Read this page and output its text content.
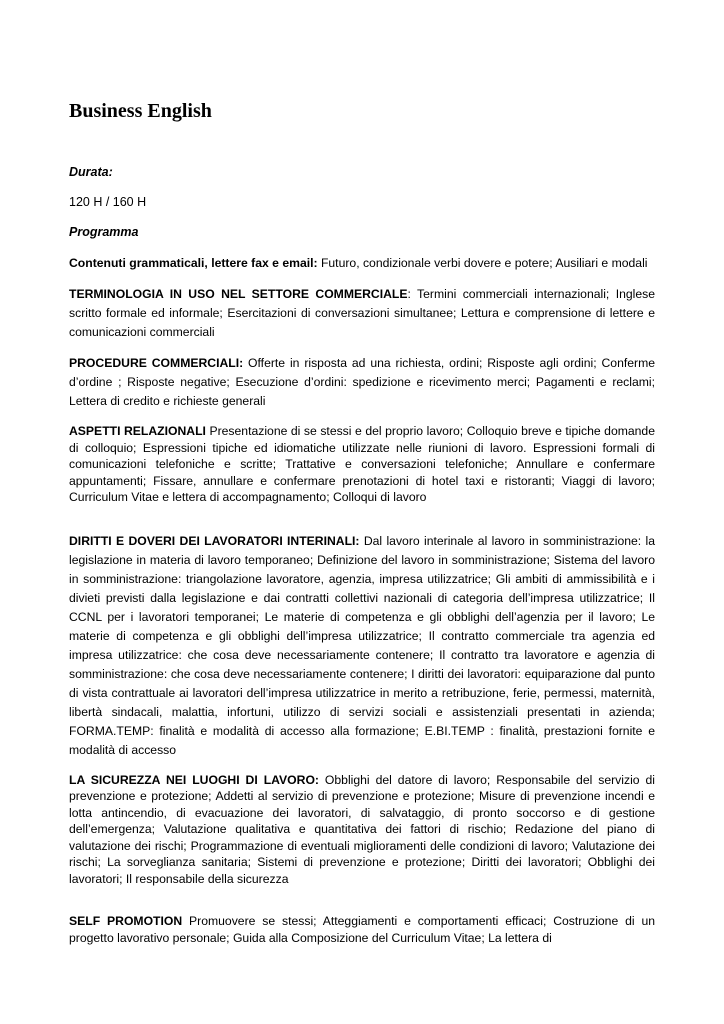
Business English

Durata:

120 H / 160 H

Programma

Contenuti grammaticali, lettere fax e email: Futuro, condizionale verbi dovere e potere; Ausiliari e modali

TERMINOLOGIA IN USO NEL SETTORE COMMERCIALE: Termini commerciali internazionali; Inglese scritto formale ed informale; Esercitazioni di conversazioni simultanee; Lettura e comprensione di lettere e comunicazioni commerciali

PROCEDURE COMMERCIALI: Offerte in risposta ad una richiesta, ordini; Risposte agli ordini; Conferme d’ordine ; Risposte negative; Esecuzione d’ordini: spedizione e ricevimento merci; Pagamenti e reclami; Lettera di credito e richieste generali

ASPETTI RELAZIONALI Presentazione di se stessi e del proprio lavoro; Colloquio breve e tipiche domande di colloquio; Espressioni tipiche ed idiomatiche utilizzate nelle riunioni di lavoro. Espressioni formali di comunicazioni telefoniche e scritte; Trattative e conversazioni telefoniche; Annullare e confermare appuntamenti; Fissare, annullare e confermare prenotazioni di hotel taxi e ristoranti; Viaggi di lavoro; Curriculum Vitae e lettera di accompagnamento; Colloqui di lavoro

DIRITTI E DOVERI DEI LAVORATORI INTERINALI: Dal lavoro interinale al lavoro in somministrazione: la legislazione in materia di lavoro temporaneo; Definizione del lavoro in somministrazione; Sistema del lavoro in somministrazione: triangolazione lavoratore, agenzia, impresa utilizzatrice; Gli ambiti di ammissibilità e i divieti previsti dalla legislazione e dai contratti collettivi nazionali di categoria dell’impresa utilizzatrice; Il CCNL per i lavoratori temporanei; Le materie di competenza e gli obblighi dell’agenzia per il lavoro; Le materie di competenza e gli obblighi dell’impresa utilizzatrice; Il contratto commerciale tra agenzia ed impresa utilizzatrice: che cosa deve necessariamente contenere; Il contratto tra lavoratore e agenzia di somministrazione: che cosa deve necessariamente contenere; I diritti dei lavoratori: equiparazione dal punto di vista contrattuale ai lavoratori dell’impresa utilizzatrice in merito a retribuzione, ferie, permessi, maternità, libertà sindacali, malattia, infortuni, utilizzo di servizi sociali e assistenziali presentati in azienda; FORMA.TEMP: finalità e modalità di accesso alla formazione; E.BI.TEMP : finalità, prestazioni fornite e modalità di accesso

LA SICUREZZA NEI LUOGHI DI LAVORO: Obblighi del datore di lavoro; Responsabile del servizio di prevenzione e protezione; Addetti al servizio di prevenzione e protezione; Misure di prevenzione incendi e lotta antincendio, di evacuazione dei lavoratori, di salvataggio, di pronto soccorso e di gestione dell’emergenza; Valutazione qualitativa e quantitativa dei fattori di rischio; Redazione del piano di valutazione dei rischi; Programmazione di eventuali miglioramenti delle condizioni di lavoro; Valutazione dei rischi; La sorveglianza sanitaria; Sistemi di prevenzione e protezione; Diritti dei lavoratori; Obblighi dei lavoratori; Il responsabile della sicurezza

SELF PROMOTION Promuovere se stessi; Atteggiamenti e comportamenti efficaci; Costruzione di un progetto lavorativo personale; Guida alla Composizione del Curriculum Vitae; La lettera di
